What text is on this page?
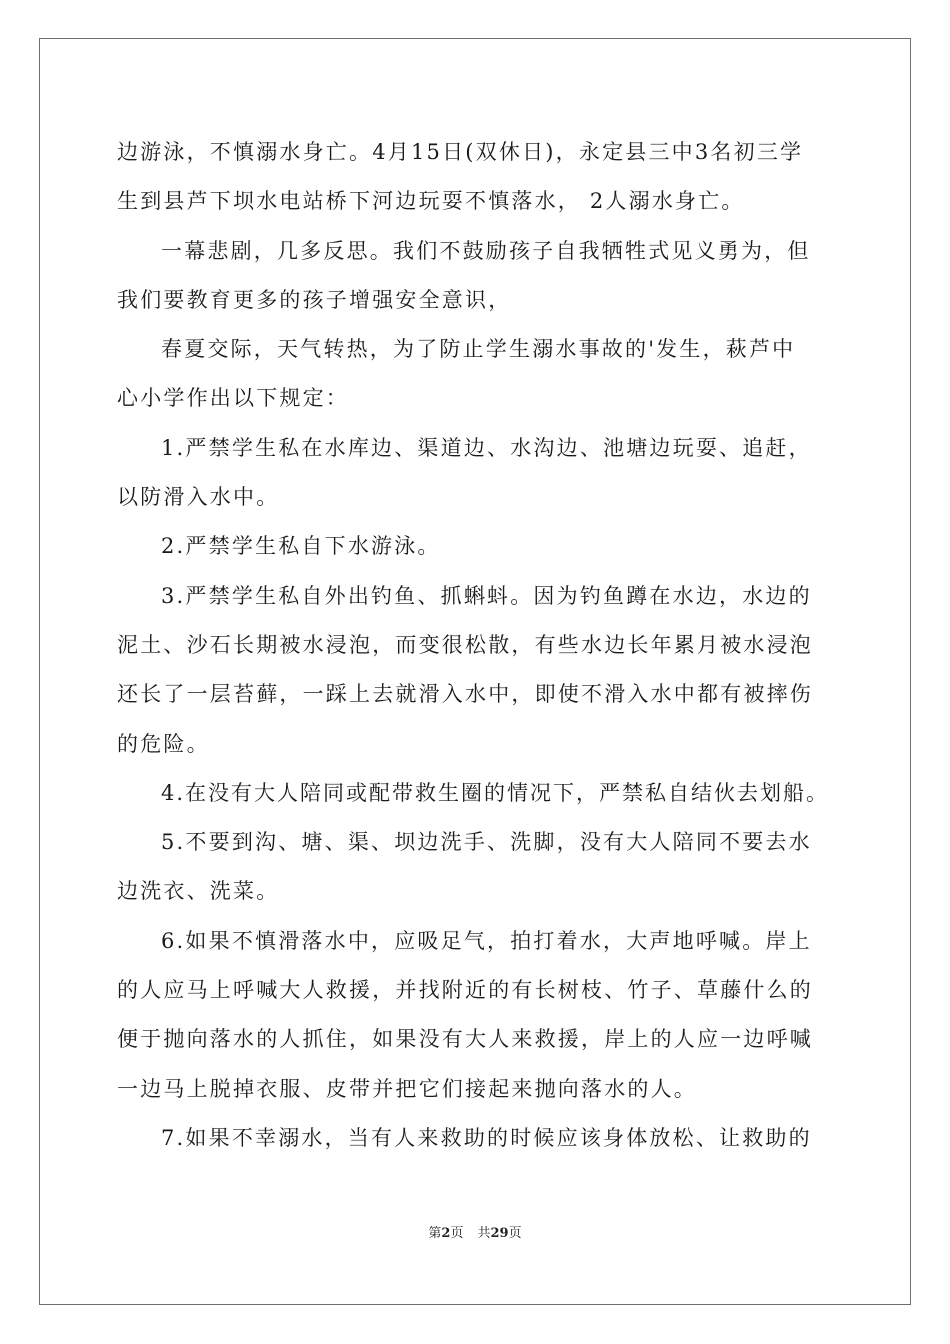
边游泳，不慎溺水身亡。4月15日(双休日)，永定县三中3名初三学
生到县芦下坝水电站桥下河边玩耍不慎落水， 2人溺水身亡。
一幕悲剧，几多反思。我们不鼓励孩子自我牺牲式见义勇为，但
我们要教育更多的孩子增强安全意识，
春夏交际，天气转热，为了防止学生溺水事故的'发生，萩芦中
心小学作出以下规定：
1.严禁学生私在水库边、渠道边、水沟边、池塘边玩耍、追赶，
以防滑入水中。
2.严禁学生私自下水游泳。
3.严禁学生私自外出钓鱼、抓蝌蚪。因为钓鱼蹲在水边，水边的
泥土、沙石长期被水浸泡，而变很松散，有些水边长年累月被水浸泡
还长了一层苔藓，一踩上去就滑入水中，即使不滑入水中都有被摔伤
的危险。
4.在没有大人陪同或配带救生圈的情况下，严禁私自结伙去划船。
5.不要到沟、塘、渠、坝边洗手、洗脚，没有大人陪同不要去水
边洗衣、洗菜。
6.如果不慎滑落水中，应吸足气，拍打着水，大声地呼喊。岸上
的人应马上呼喊大人救援，并找附近的有长树枝、竹子、草藤什么的
便于抛向落水的人抓住，如果没有大人来救援，岸上的人应一边呼喊
一边马上脱掉衣服、皮带并把它们接起来抛向落水的人。
7.如果不幸溺水，当有人来救助的时候应该身体放松、让救助的
第2页 共29页
